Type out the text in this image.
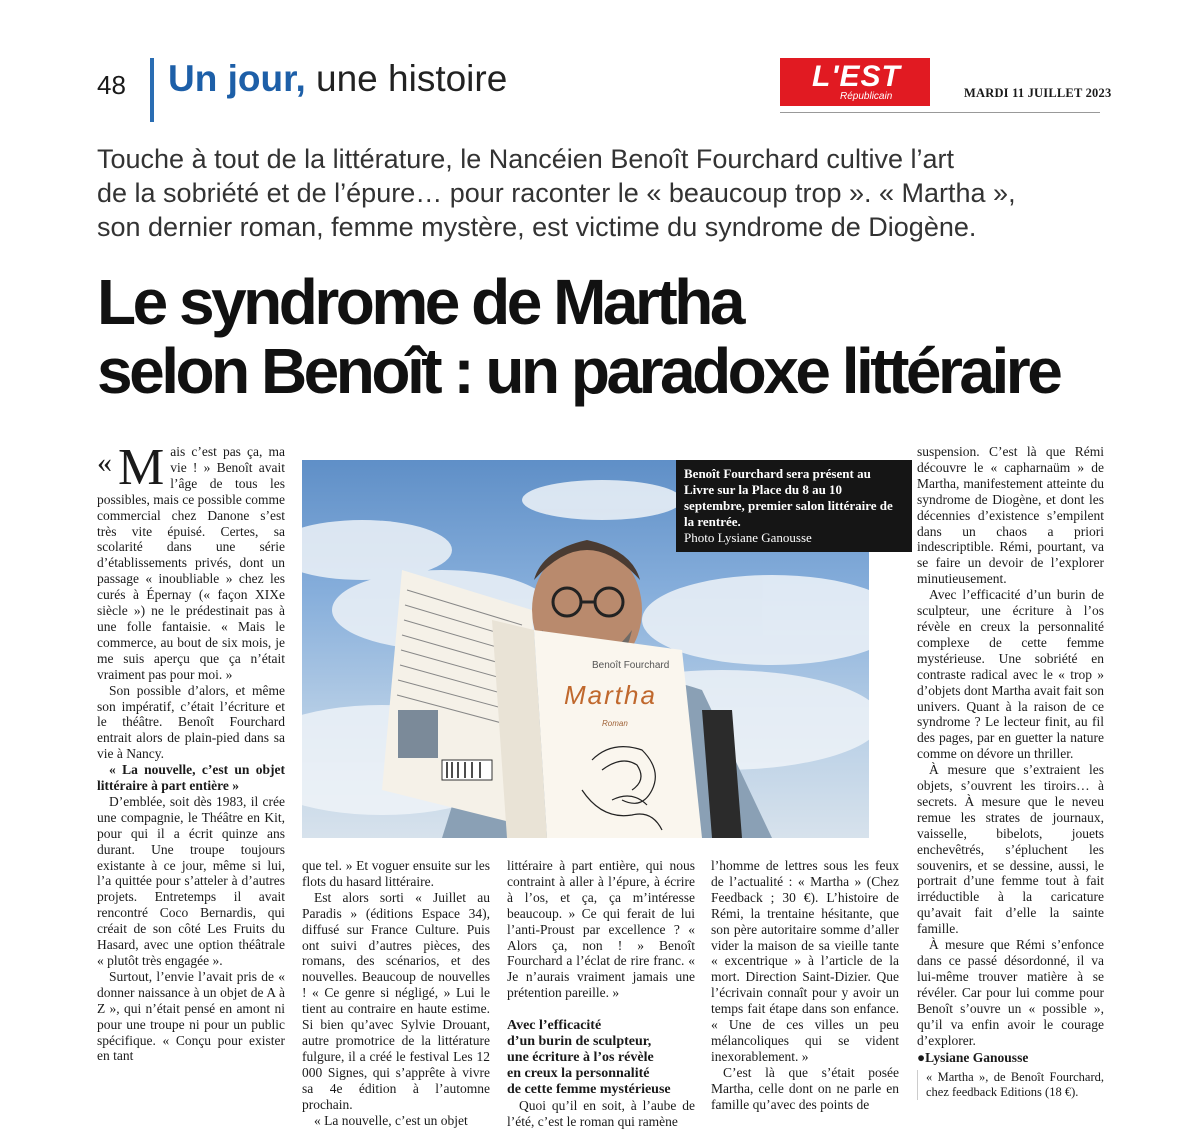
48 Un jour, une histoire	L'EST
Républicain	MARDI 11 JUILLET 2023
Touche à tout de la littérature, le Nancéien Benoît Fourchard cultive l’art
de la sobriété et de l’épure… pour raconter le « beaucoup trop ». « Martha »,
son dernier roman, femme mystère, est victime du syndrome de Diogène.
Le syndrome de Martha
selon Benoît : un paradoxe littéraire

« M ais c’est pas ça, ma vie ! » Benoît avait l’âge de tous les possibles, mais ce possible comme commercial chez Danone s’est très vite épuisé. Certes, sa scolarité dans une série d’établissements privés, dont un passage « inoubliable » chez les curés à Épernay (« façon XIXe siècle ») ne le prédestinait pas à une folle fantaisie. « Mais le commerce, au bout de six mois, je me suis aperçu que ça n’était vraiment pas pour moi. »

Son possible d’alors, et même son impératif, c’était l’écriture et le théâtre. Benoît Fourchard entrait alors de plain-pied dans sa vie à Nancy.

« La nouvelle, c’est un objet littéraire à part entière »

D’emblée, soit dès 1983, il crée une compagnie, le Théâtre en Kit, pour qui il a écrit quinze ans durant. Une troupe toujours existante à ce jour, même si lui, l’a quittée pour s’atteler à d’autres projets. Entretemps il avait rencontré Coco Bernardis, qui créait de son côté Les Fruits du Hasard, avec une option théâtrale « plutôt très engagée ».

Surtout, l’envie l’avait pris de « donner naissance à un objet de A à Z », qui n’était pensé en amont ni pour une troupe ni pour un public spécifique. « Conçu pour exister en tant

Benoît Fourchard
Martha
Roman
Benoît Fourchard sera présent au Livre sur la Place du 8 au 10 septembre, premier salon littéraire de la rentrée.
Photo Lysiane Ganousse

que tel. » Et voguer ensuite sur les flots du hasard littéraire.

Est alors sorti « Juillet au Paradis » (éditions Espace 34), diffusé sur France Culture. Puis ont suivi d’autres pièces, des romans, des scénarios, et des nouvelles. Beaucoup de nouvelles ! « Ce genre si négligé, » Lui le tient au contraire en haute estime. Si bien qu’avec Sylvie Drouant, autre promotrice de la littérature fulgure, il a créé le festival Les 12 000 Signes, qui s’apprête à vivre sa 4e édition à l’automne prochain.

« La nouvelle, c’est un objet

littéraire à part entière, qui nous contraint à aller à l’épure, à écrire à l’os, et ça, ça m’intéresse beaucoup. » Ce qui ferait de lui l’anti-Proust par excellence ? « Alors ça, non ! » Benoît Fourchard a l’éclat de rire franc. « Je n’aurais vraiment jamais une prétention pareille. »

Avec l’efficacité
d’un burin de sculpteur,
une écriture à l’os révèle
en creux la personnalité
de cette femme mystérieuse

Quoi qu’il en soit, à l’aube de l’été, c’est le roman qui ramène

l’homme de lettres sous les feux de l’actualité : « Martha » (Chez Feedback ; 30 €). L’histoire de Rémi, la trentaine hésitante, que son père autoritaire somme d’aller vider la maison de sa vieille tante « excentrique » à l’article de la mort. Direction Saint-Dizier. Que l’écrivain connaît pour y avoir un temps fait étape dans son enfance. « Une de ces villes un peu mélancoliques qui se vident inexorablement. »

C’est là que s’était posée Martha, celle dont on ne parle en famille qu’avec des points de

suspension. C’est là que Rémi découvre le « capharnaüm » de Martha, manifestement atteinte du syndrome de Diogène, et dont les décennies d’existence s’empilent dans un chaos a priori indescriptible. Rémi, pourtant, va se faire un devoir de l’explorer minutieusement.

Avec l’efficacité d’un burin de sculpteur, une écriture à l’os révèle en creux la personnalité complexe de cette femme mystérieuse. Une sobriété en contraste radical avec le « trop » d’objets dont Martha avait fait son univers. Quant à la raison de ce syndrome ? Le lecteur finit, au fil des pages, par en guetter la nature comme on dévore un thriller.

À mesure que s’extraient les objets, s’ouvrent les tiroirs… à secrets. À mesure que le neveu remue les strates de journaux, vaisselle, bibelots, jouets enchevêtrés, s’épluchent les souvenirs, et se dessine, aussi, le portrait d’une femme tout à fait irréductible à la caricature qu’avait fait d’elle la sainte famille.

À mesure que Rémi s’enfonce dans ce passé désordonné, il va lui-même trouver matière à se révéler. Car pour lui comme pour Benoît s’ouvre un « possible », qu’il va enfin avoir le courage d’explorer.

●Lysiane Ganousse

« Martha », de Benoît Fourchard, chez feedback Editions (18 €).
